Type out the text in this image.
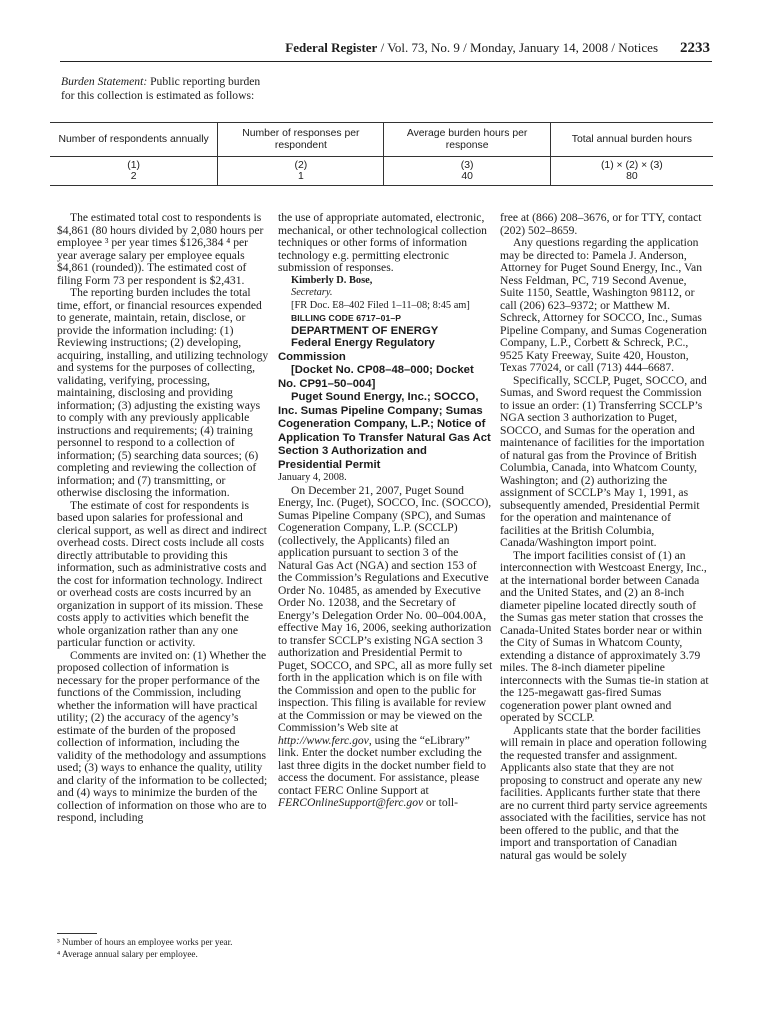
Federal Register / Vol. 73, No. 9 / Monday, January 14, 2008 / Notices 2233
Burden Statement: Public reporting burden for this collection is estimated as follows:
Number of respondents annually
Number of responses per respondent
Average burden hours per response
Total annual burden hours
(1)
2
(2)
1
(3)
40
(1) × (2) × (3)
80

The estimated total cost to respondents is $4,861 (80 hours divided by 2,080 hours per employee ³ per year times $126,384 ⁴ per year average salary per employee equals $4,861 (rounded)). The estimated cost of filing Form 73 per respondent is $2,431.

The reporting burden includes the total time, effort, or financial resources expended to generate, maintain, retain, disclose, or provide the information including: (1) Reviewing instructions; (2) developing, acquiring, installing, and utilizing technology and systems for the purposes of collecting, validating, verifying, processing, maintaining, disclosing and providing information; (3) adjusting the existing ways to comply with any previously applicable instructions and requirements; (4) training personnel to respond to a collection of information; (5) searching data sources; (6) completing and reviewing the collection of information; and (7) transmitting, or otherwise disclosing the information.

The estimate of cost for respondents is based upon salaries for professional and clerical support, as well as direct and indirect overhead costs. Direct costs include all costs directly attributable to providing this information, such as administrative costs and the cost for information technology. Indirect or overhead costs are costs incurred by an organization in support of its mission. These costs apply to activities which benefit the whole organization rather than any one particular function or activity.

Comments are invited on: (1) Whether the proposed collection of information is necessary for the proper performance of the functions of the Commission, including whether the information will have practical utility; (2) the accuracy of the agency’s estimate of the burden of the proposed collection of information, including the validity of the methodology and assumptions used; (3) ways to enhance the quality, utility and clarity of the information to be collected; and (4) ways to minimize the burden of the collection of information on those who are to respond, including

³ Number of hours an employee works per year.
⁴ Average annual salary per employee.

the use of appropriate automated, electronic, mechanical, or other technological collection techniques or other forms of information technology e.g. permitting electronic submission of responses.

Kimberly D. Bose,

Secretary.

[FR Doc. E8–402 Filed 1–11–08; 8:45 am]

BILLING CODE 6717–01–P

DEPARTMENT OF ENERGY

Federal Energy Regulatory Commission

[Docket No. CP08–48–000; Docket No. CP91–50–004]

Puget Sound Energy, Inc.; SOCCO, Inc. Sumas Pipeline Company; Sumas Cogeneration Company, L.P.; Notice of Application To Transfer Natural Gas Act Section 3 Authorization and Presidential Permit

January 4, 2008.

On December 21, 2007, Puget Sound Energy, Inc. (Puget), SOCCO, Inc. (SOCCO), Sumas Pipeline Company (SPC), and Sumas Cogeneration Company, L.P. (SCCLP) (collectively, the Applicants) filed an application pursuant to section 3 of the Natural Gas Act (NGA) and section 153 of the Commission’s Regulations and Executive Order No. 10485, as amended by Executive Order No. 12038, and the Secretary of Energy’s Delegation Order No. 00–004.00A, effective May 16, 2006, seeking authorization to transfer SCCLP’s existing NGA section 3 authorization and Presidential Permit to Puget, SOCCO, and SPC, all as more fully set forth in the application which is on file with the Commission and open to the public for inspection. This filing is available for review at the Commission or may be viewed on the Commission’s Web site at http://www.ferc.gov, using the “eLibrary” link. Enter the docket number excluding the last three digits in the docket number field to access the document. For assistance, please contact FERC Online Support at FERCOnlineSupport@ferc.gov or toll-

free at (866) 208–3676, or for TTY, contact (202) 502–8659.

Any questions regarding the application may be directed to: Pamela J. Anderson, Attorney for Puget Sound Energy, Inc., Van Ness Feldman, PC, 719 Second Avenue, Suite 1150, Seattle, Washington 98112, or call (206) 623–9372; or Matthew M. Schreck, Attorney for SOCCO, Inc., Sumas Pipeline Company, and Sumas Cogeneration Company, L.P., Corbett & Schreck, P.C., 9525 Katy Freeway, Suite 420, Houston, Texas 77024, or call (713) 444–6687.

Specifically, SCCLP, Puget, SOCCO, and Sumas, and Sword request the Commission to issue an order: (1) Transferring SCCLP’s NGA section 3 authorization to Puget, SOCCO, and Sumas for the operation and maintenance of facilities for the importation of natural gas from the Province of British Columbia, Canada, into Whatcom County, Washington; and (2) authorizing the assignment of SCCLP’s May 1, 1991, as subsequently amended, Presidential Permit for the operation and maintenance of facilities at the British Columbia, Canada/Washington import point.

The import facilities consist of (1) an interconnection with Westcoast Energy, Inc., at the international border between Canada and the United States, and (2) an 8-inch diameter pipeline located directly south of the Sumas gas meter station that crosses the Canada-United States border near or within the City of Sumas in Whatcom County, extending a distance of approximately 3.79 miles. The 8-inch diameter pipeline interconnects with the Sumas tie-in station at the 125-megawatt gas-fired Sumas cogeneration power plant owned and operated by SCCLP.

Applicants state that the border facilities will remain in place and operation following the requested transfer and assignment. Applicants also state that they are not proposing to construct and operate any new facilities. Applicants further state that there are no current third party service agreements associated with the facilities, service has not been offered to the public, and that the import and transportation of Canadian natural gas would be solely
